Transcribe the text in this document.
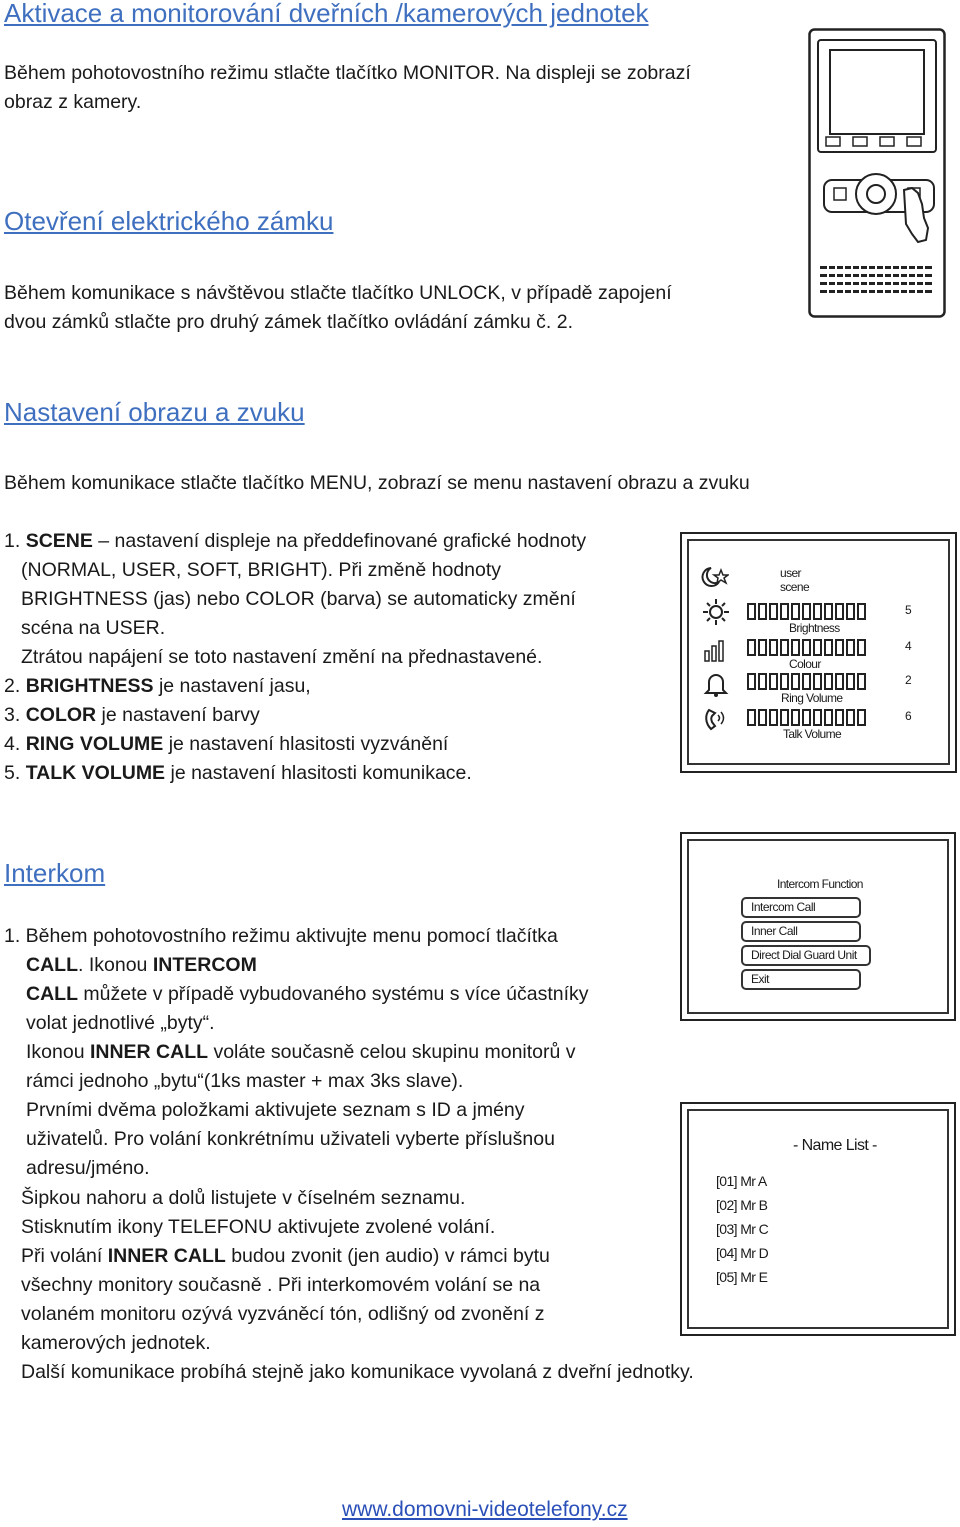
Aktivace a monitorování dveřních /kamerových jednotek

Během pohotovostního režimu stlačte tlačítko MONITOR. Na displeji se zobrazí

obraz z kamery.

Otevření elektrického zámku

Během komunikace s návštěvou stlačte tlačítko UNLOCK, v případě zapojení

dvou zámků stlačte pro druhý zámek tlačítko ovládání zámku č. 2.

Nastavení obrazu a zvuku

Během komunikace stlačte tlačítko MENU, zobrazí se menu nastavení obrazu a zvuku

1. SCENE – nastavení displeje na předdefinované grafické hodnoty

(NORMAL, USER, SOFT, BRIGHT). Při změně hodnoty

BRIGHTNESS (jas) nebo COLOR (barva) se automaticky změní

scéna na USER.

Ztrátou napájení se toto nastavení změní na přednastavené.

2. BRIGHTNESS je nastavení jasu,

3. COLOR je nastavení barvy

4. RING VOLUME je nastavení hlasitosti vyzvánění

5. TALK VOLUME je nastavení hlasitosti komunikace.

user
scene
Brightness
5
Colour
4
Ring Volume
2
Talk Volume
6
Interkom

1. Během pohotovostního režimu aktivujte menu pomocí tlačítka

CALL. Ikonou INTERCOM

CALL můžete v případě vybudovaného systému s více účastníky

volat jednotlivé „byty“.

Ikonou INNER CALL voláte současně celou skupinu monitorů v

rámci jednoho „bytu“(1ks master + max 3ks slave).

Prvními dvěma položkami aktivujete seznam s ID a jmény

uživatelů. Pro volání konkrétnímu uživateli vyberte příslušnou

adresu/jméno.

Šipkou nahoru a dolů listujete v číselném seznamu.

Stisknutím ikony TELEFONU aktivujete zvolené volání.

Při volání INNER CALL budou zvonit (jen audio) v rámci bytu

všechny monitory současně . Při interkomovém volání se na

volaném monitoru ozývá vyzváněcí tón, odlišný od zvonění z

kamerových jednotek.

Další komunikace probíhá stejně jako komunikace vyvolaná z dveřní jednotky.

Intercom Function
Intercom Call
Inner Call
Direct Dial Guard Unit
Exit
- Name List -
[01] Mr A
[02] Mr B
[03] Mr C
[04] Mr D
[05] Mr E
www.domovni-videotelefony.cz
